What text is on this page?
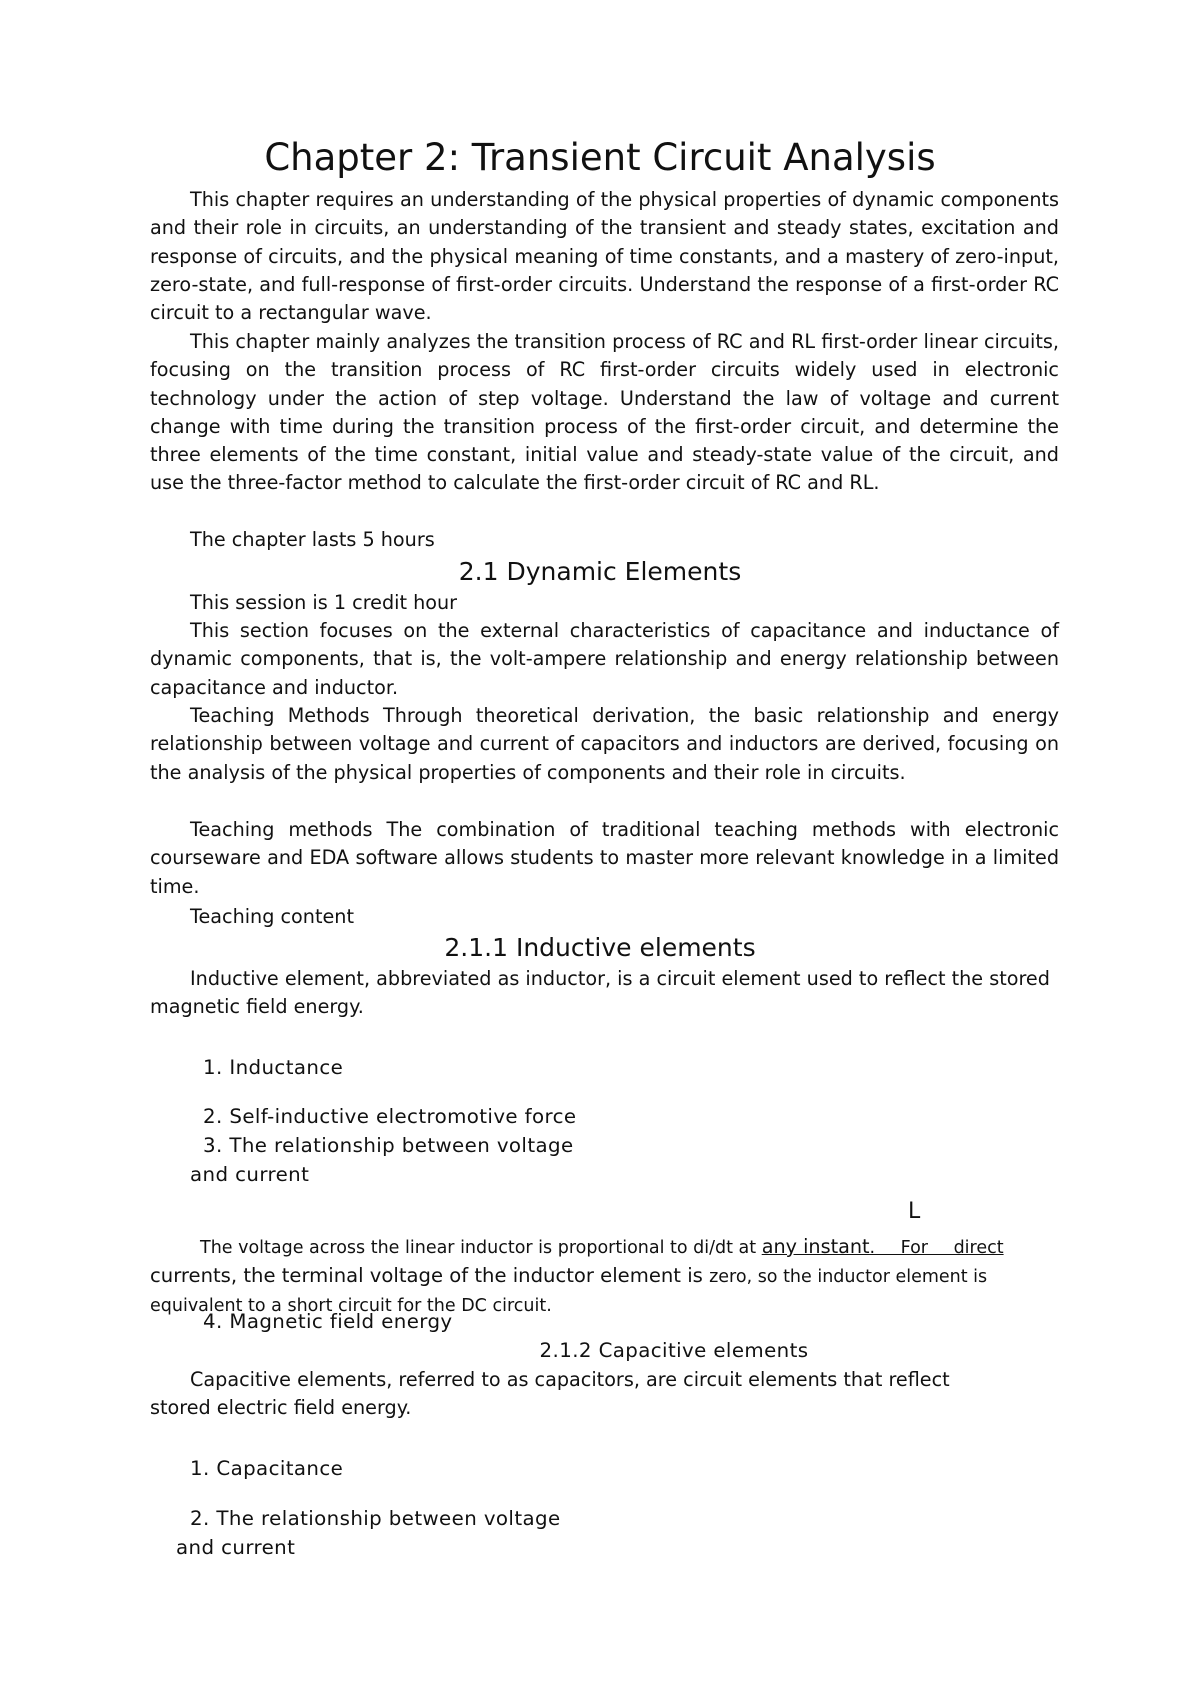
Chapter 2: Transient Circuit Analysis

This chapter requires an understanding of the physical properties of dynamic components and their role in circuits, an understanding of the transient and steady states, excitation and response of circuits, and the physical meaning of time constants, and a mastery of zero-input, zero-state, and full-response of first-order circuits. Understand the response of a first-order RC circuit to a rectangular wave.

This chapter mainly analyzes the transition process of RC and RL first-order linear circuits, focusing on the transition process of RC first-order circuits widely used in electronic technology under the action of step voltage. Understand the law of voltage and current change with time during the transition process of the first-order circuit, and determine the three elements of the time constant, initial value and steady-state value of the circuit, and use the three-factor method to calculate the first-order circuit of RC and RL.

The chapter lasts 5 hours

2.1 Dynamic Elements

This session is 1 credit hour

This section focuses on the external characteristics of capacitance and inductance of dynamic components, that is, the volt-ampere relationship and energy relationship between capacitance and inductor.

Teaching Methods Through theoretical derivation, the basic relationship and energy relationship between voltage and current of capacitors and inductors are derived, focusing on the analysis of the physical properties of components and their role in circuits.

Teaching methods The combination of traditional teaching methods with electronic courseware and EDA software allows students to master more relevant knowledge in a limited time.

Teaching content

2.1.1 Inductive elements

Inductive element, abbreviated as inductor, is a circuit element used to reflect the stored magnetic field energy.

1. Inductance

2. Self-inductive electromotive force

3. The relationship between voltage

and current

L

The voltage across the linear inductor is proportional to di/dt at any instant. For direct
currents, the terminal voltage of the inductor element is zero, so the inductor element is equivalent to a short circuit for the DC circuit.

4. Magnetic field energy

2.1.2 Capacitive elements

Capacitive elements, referred to as capacitors, are circuit elements that reflect stored electric field energy.

1. Capacitance

2. The relationship between voltage

and current
